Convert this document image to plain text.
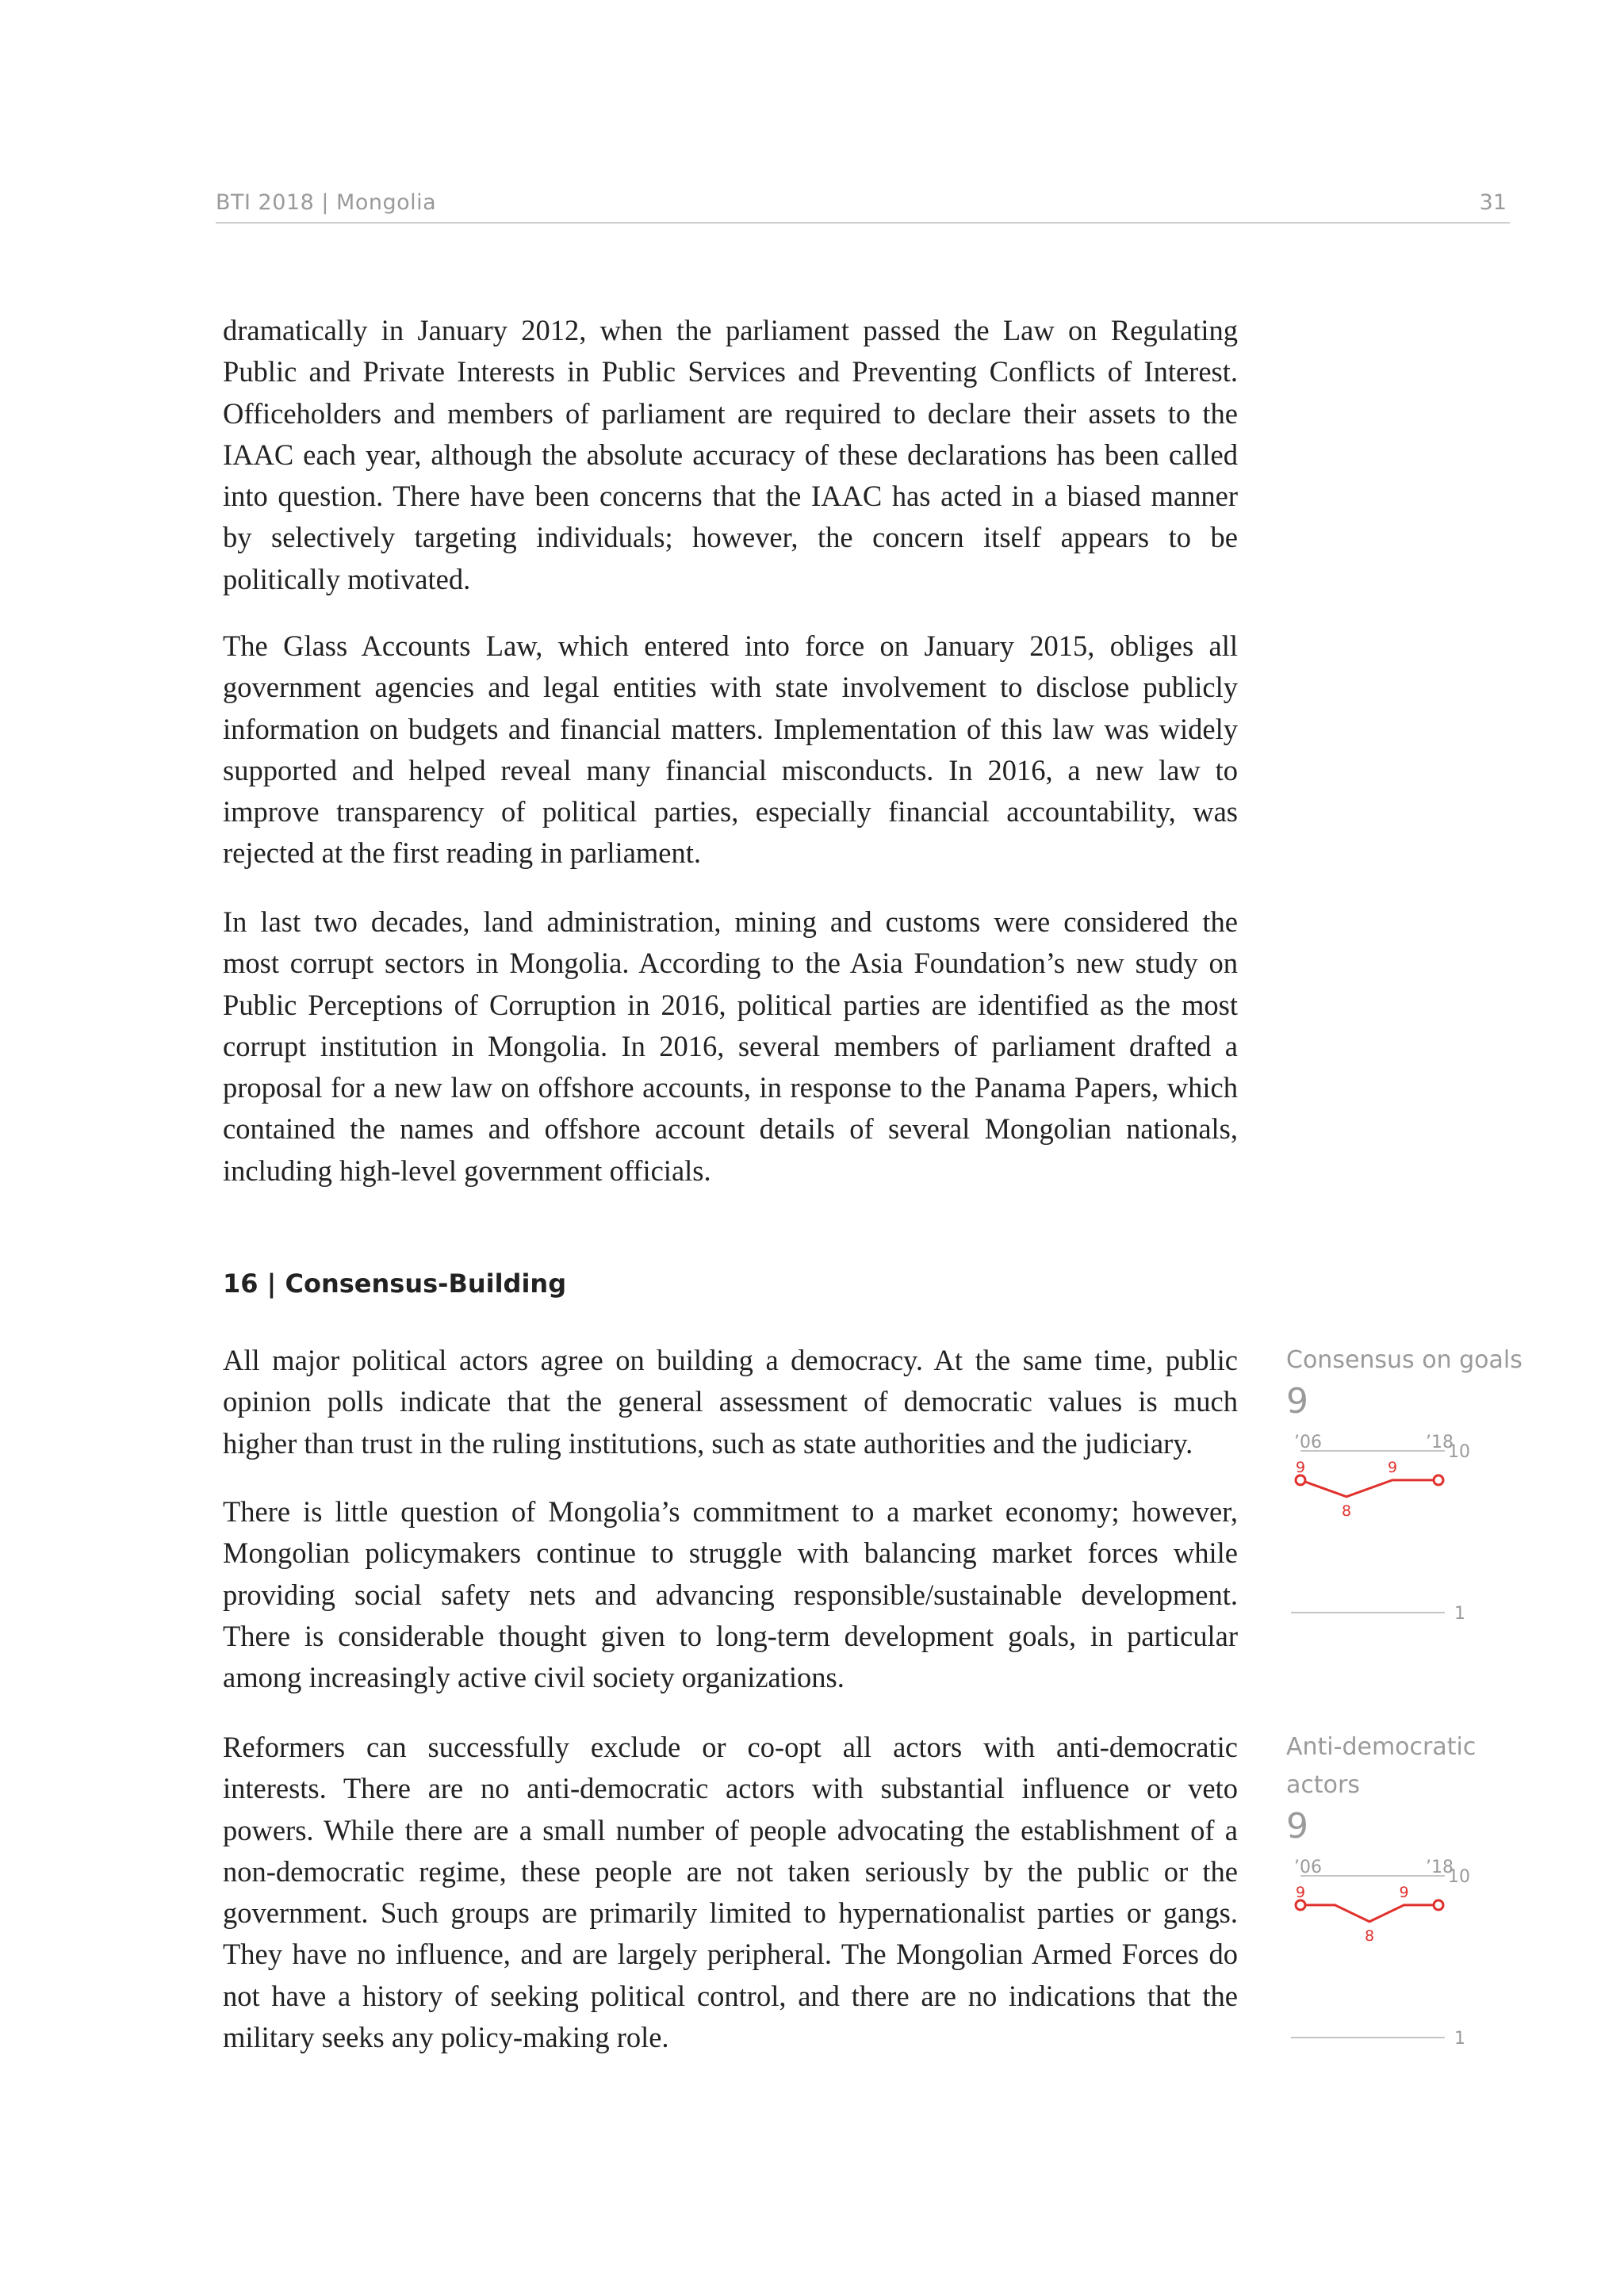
BTI 2018 | Mongolia	31
dramatically in January 2012, when the parliament passed the Law on Regulating
Public and Private Interests in Public Services and Preventing Conflicts of Interest.
Officeholders and members of parliament are required to declare their assets to the
IAAC each year, although the absolute accuracy of these declarations has been called
into question. There have been concerns that the IAAC has acted in a biased manner
by selectively targeting individuals; however, the concern itself appears to be
politically motivated.
The Glass Accounts Law, which entered into force on January 2015, obliges all
government agencies and legal entities with state involvement to disclose publicly
information on budgets and financial matters. Implementation of this law was widely
supported and helped reveal many financial misconducts. In 2016, a new law to
improve transparency of political parties, especially financial accountability, was
rejected at the first reading in parliament.
In last two decades, land administration, mining and customs were considered the
most corrupt sectors in Mongolia. According to the Asia Foundation’s new study on
Public Perceptions of Corruption in 2016, political parties are identified as the most
corrupt institution in Mongolia. In 2016, several members of parliament drafted a
proposal for a new law on offshore accounts, in response to the Panama Papers, which
contained the names and offshore account details of several Mongolian nationals,
including high-level government officials.
16 | Consensus-Building
All major political actors agree on building a democracy. At the same time, public
opinion polls indicate that the general assessment of democratic values is much
higher than trust in the ruling institutions, such as state authorities and the judiciary.
There is little question of Mongolia’s commitment to a market economy; however,
Mongolian policymakers continue to struggle with balancing market forces while
providing social safety nets and advancing responsible/sustainable development.
There is considerable thought given to long-term development goals, in particular
among increasingly active civil society organizations.
Reformers can successfully exclude or co-opt all actors with anti-democratic
interests. There are no anti-democratic actors with substantial influence or veto
powers. While there are a small number of people advocating the establishment of a
non-democratic regime, these people are not taken seriously by the public or the
government. Such groups are primarily limited to hypernationalist parties or gangs.
They have no influence, and are largely peripheral. The Mongolian Armed Forces do
not have a history of seeking political control, and there are no indications that the
military seeks any policy-making role.
Consensus on goals
9
’06	’18
10
1
9
8
9
Anti-democratic
actors
9
’06	’18
10
1
9
8
9
